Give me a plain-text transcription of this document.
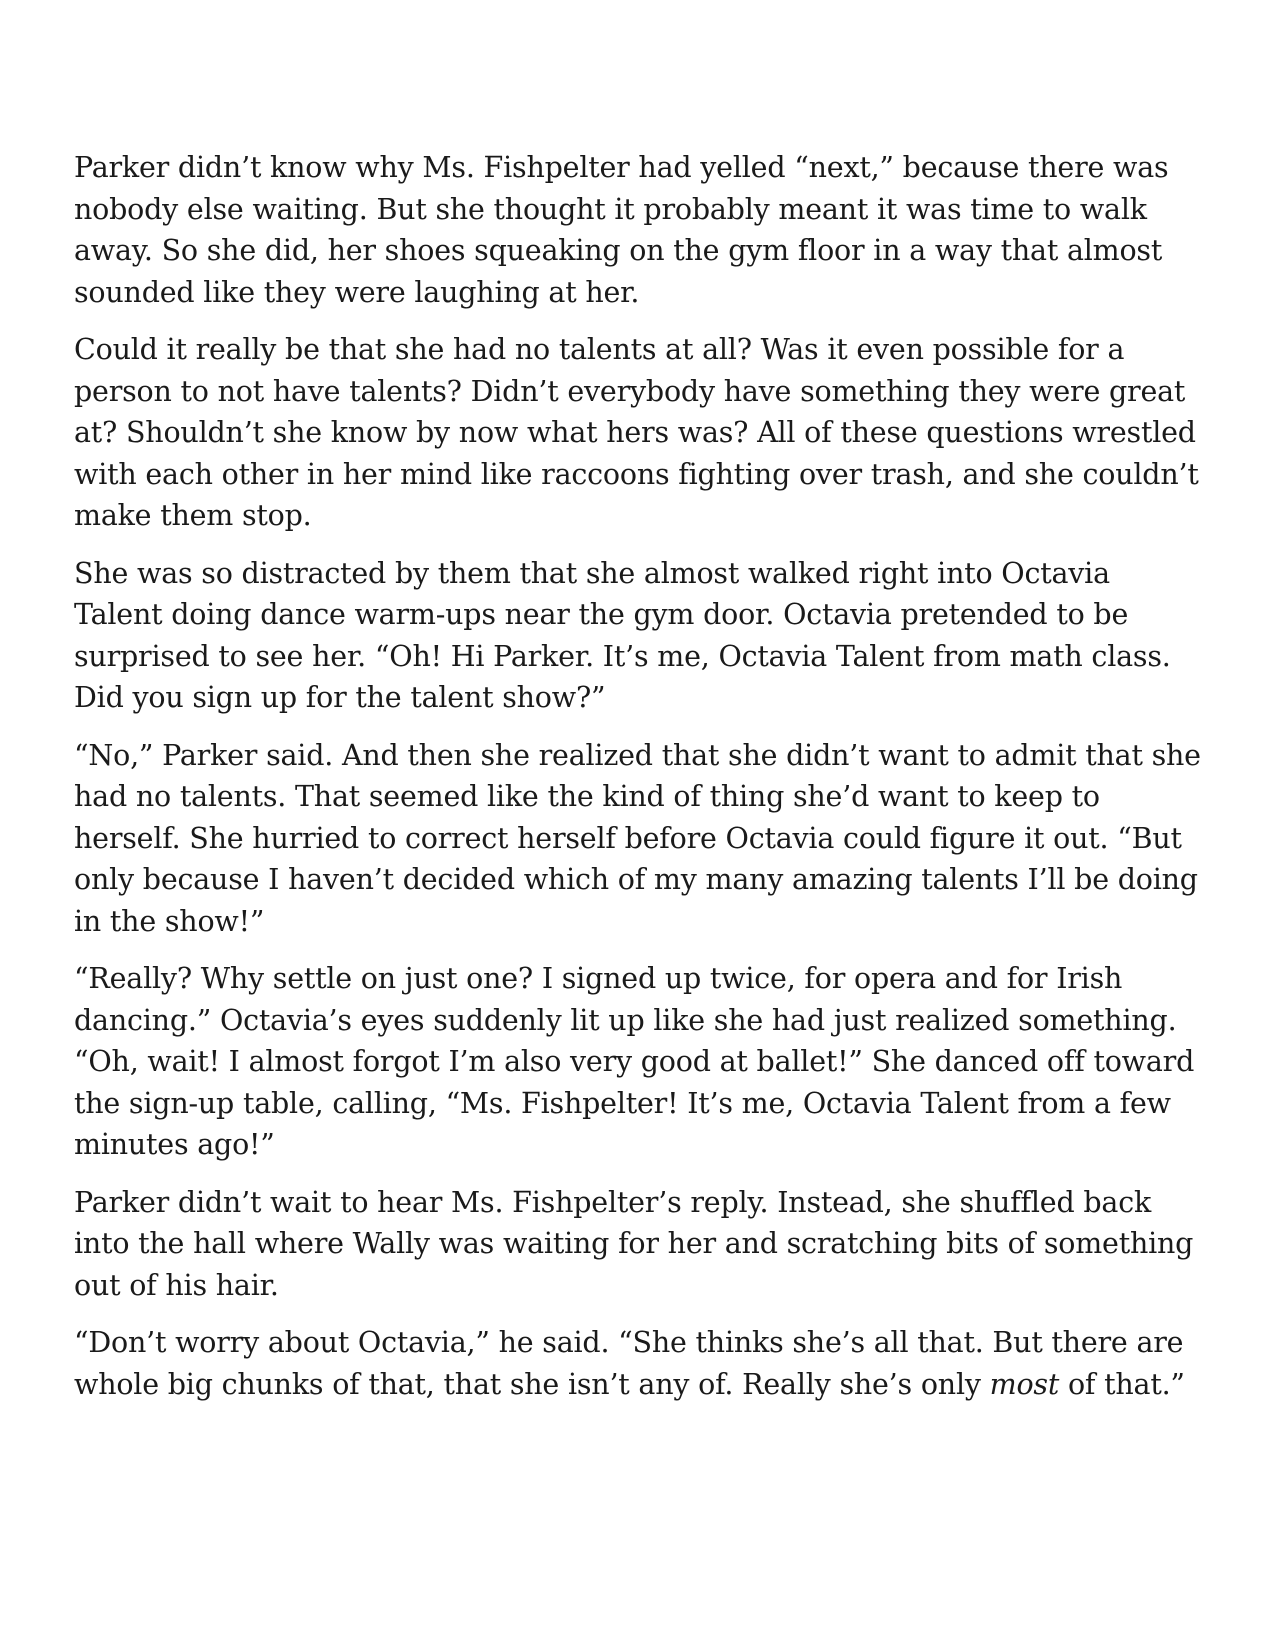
Parker didn’t know why Ms. Fishpelter had yelled “next,” because there was nobody else waiting. But she thought it probably meant it was time to walk away. So she did, her shoes squeaking on the gym floor in a way that almost sounded like they were laughing at her.

Could it really be that she had no talents at all? Was it even possible for a person to not have talents? Didn’t everybody have something they were great at? Shouldn’t she know by now what hers was? All of these questions wrestled with each other in her mind like raccoons fighting over trash, and she couldn’t make them stop.

She was so distracted by them that she almost walked right into Octavia Talent doing dance warm-ups near the gym door. Octavia pretended to be surprised to see her. “Oh! Hi Parker. It’s me, Octavia Talent from math class. Did you sign up for the talent show?”

“No,” Parker said. And then she realized that she didn’t want to admit that she had no talents. That seemed like the kind of thing she’d want to keep to herself. She hurried to correct herself before Octavia could figure it out. “But only because I haven’t decided which of my many amazing talents I’ll be doing in the show!”

“Really? Why settle on just one? I signed up twice, for opera and for Irish dancing.” Octavia’s eyes suddenly lit up like she had just realized something. “Oh, wait! I almost forgot I’m also very good at ballet!” She danced off toward the sign-up table, calling, “Ms. Fishpelter! It’s me, Octavia Talent from a few minutes ago!”

Parker didn’t wait to hear Ms. Fishpelter’s reply. Instead, she shuffled back into the hall where Wally was waiting for her and scratching bits of something out of his hair.

“Don’t worry about Octavia,” he said. “She thinks she’s all that. But there are whole big chunks of that, that she isn’t any of. Really she’s only most of that.”
